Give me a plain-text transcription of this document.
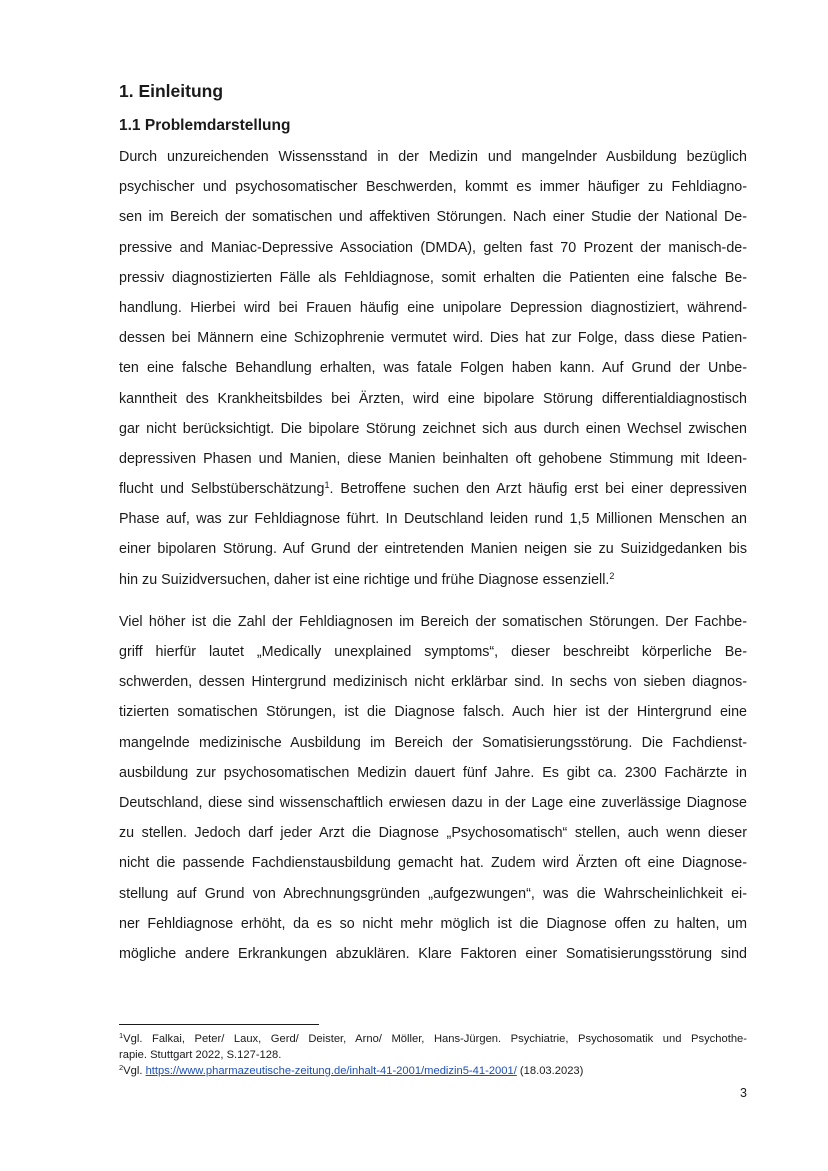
1. Einleitung
1.1 Problemdarstellung
Durch unzureichenden Wissensstand in der Medizin und mangelnder Ausbildung bezüglich
psychischer und psychosomatischer Beschwerden, kommt es immer häufiger zu Fehldiagno-
sen im Bereich der somatischen und affektiven Störungen. Nach einer Studie der National De-
pressive and Maniac-Depressive Association (DMDA), gelten fast 70 Prozent der manisch-de-
pressiv diagnostizierten Fälle als Fehldiagnose, somit erhalten die Patienten eine falsche Be-
handlung. Hierbei wird bei Frauen häufig eine unipolare Depression diagnostiziert, während-
dessen bei Männern eine Schizophrenie vermutet wird. Dies hat zur Folge, dass diese Patien-
ten eine falsche Behandlung erhalten, was fatale Folgen haben kann. Auf Grund der Unbe-
kanntheit des Krankheitsbildes bei Ärzten, wird eine bipolare Störung differentialdiagnostisch
gar nicht berücksichtigt. Die bipolare Störung zeichnet sich aus durch einen Wechsel zwischen
depressiven Phasen und Manien, diese Manien beinhalten oft gehobene Stimmung mit Ideen-
flucht und Selbstüberschätzung$^1$. Betroffene suchen den Arzt häufig erst bei einer depressiven
Phase auf, was zur Fehldiagnose führt. In Deutschland leiden rund 1,5 Millionen Menschen an
einer bipolaren Störung. Auf Grund der eintretenden Manien neigen sie zu Suizidgedanken bis
hin zu Suizidversuchen, daher ist eine richtige und frühe Diagnose essenziell.$^2$
Viel höher ist die Zahl der Fehldiagnosen im Bereich der somatischen Störungen. Der Fachbe-
griff hierfür lautet „Medically unexplained symptoms“, dieser beschreibt körperliche Be-
schwerden, dessen Hintergrund medizinisch nicht erklärbar sind. In sechs von sieben diagnos-
tizierten somatischen Störungen, ist die Diagnose falsch. Auch hier ist der Hintergrund eine
mangelnde medizinische Ausbildung im Bereich der Somatisierungsstörung. Die Fachdienst-
ausbildung zur psychosomatischen Medizin dauert fünf Jahre. Es gibt ca. 2300 Fachärzte in
Deutschland, diese sind wissenschaftlich erwiesen dazu in der Lage eine zuverlässige Diagnose
zu stellen. Jedoch darf jeder Arzt die Diagnose „Psychosomatisch“ stellen, auch wenn dieser
nicht die passende Fachdienstausbildung gemacht hat. Zudem wird Ärzten oft eine Diagnose-
stellung auf Grund von Abrechnungsgründen „aufgezwungen“, was die Wahrscheinlichkeit ei-
ner Fehldiagnose erhöht, da es so nicht mehr möglich ist die Diagnose offen zu halten, um
mögliche andere Erkrankungen abzuklären. Klare Faktoren einer Somatisierungsstörung sind
$^1$Vgl. Falkai, Peter/ Laux, Gerd/ Deister, Arno/ Möller, Hans-Jürgen. Psychiatrie, Psychosomatik und Psychothe-
rapie. Stuttgart 2022, S.127-128.
$^2$Vgl. https://www.pharmazeutische-zeitung.de/inhalt-41-2001/medizin5-41-2001/ (18.03.2023)
3
